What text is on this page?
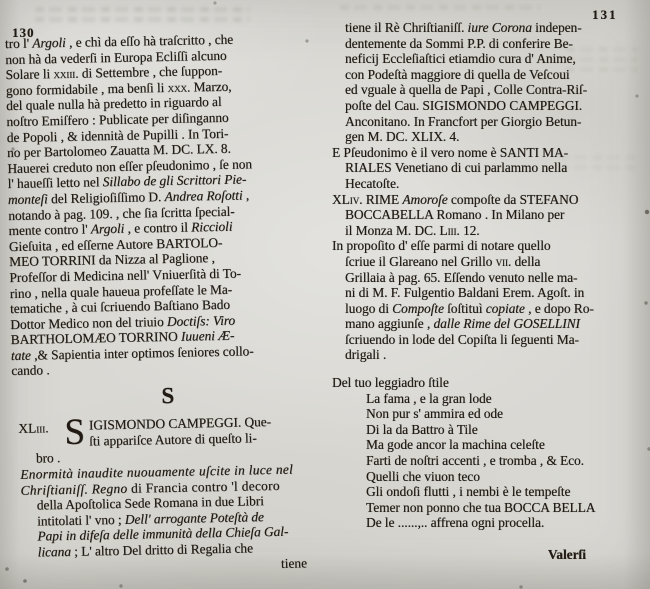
130
131
tro l' Argoli , e chì da eſſo hà traſcritto , che
non hà da vederſi in Europa Ecliſſi alcuno
Solare li xxiii. di Settembre , che ſuppon-
gono formidabile , ma benſi li xxx. Marzo,
del quale nulla hà predetto in riguardo al
noſtro Emiſfero : Publicate per diſinganno
de Popoli , & idennità de Pupilli . In Tori-
no per Bartolomeo Zauatta M. DC. LX. 8.
Hauerei creduto non eſſer pſeudonimo , ſe non
l' haueſſi letto nel Sillabo de gli Scrittori Pie-
monteſi del Religioſiſſimo D. Andrea Roſotti ,
notando à pag. 109. , che ſia ſcritta ſpecial-
mente contro l' Argoli , e contro il Riccioli
Gieſuita , ed eſſerne Autore BARTOLO-
MEO TORRINI da Nizza al Paglione ,
Profeſſor di Medicina nell' Vniuerſità di To-
rino , nella quale haueua profeſſate le Ma-
tematiche , à cui ſcriuendo Baſtiano Bado
Dottor Medico non del triuio Doctiſs: Viro
BARTHOLOMÆO TORRINO Iuueni Æ-
tate ,& Sapientia inter optimos ſeniores collo-
cando .
S
XLiii. S IGISMONDO CAMPEGGI. Que-
ſti appariſce Autore di queſto li-
bro .
Enormità inaudite nuouamente uſcite in luce nel
Chriſtianiſſ. Regno di Francia contro 'l decoro
della Apoſtolica Sede Romana in due Libri
intitolati l' vno ; Dell' arrogante Poteſtà de
Papi in difeſa delle immunità della Chieſa Gal-
licana ; L' altro Del dritto di Regalia che
tiene
tiene il Rè Chriſtianiſſ. iure Corona indepen-
dentemente da Sommi P.P. di conferire Be-
neficij Eccleſiaſtici etiamdio cura d' Anime,
con Podeſtà maggiore di quella de Veſcoui
ed vguale à quella de Papi , Colle Contra-Riſ-
poſte del Cau. SIGISMONDO CAMPEGGI.
Anconitano. In Francfort per Giorgio Betun-
gen M. DC. XLIX. 4.
E Pſeudonimo è il vero nome è SANTI MA-
RIALES Venetiano di cui parlammo nella
Hecatoſte.
XLiv. RIME Amoroſe compoſte da STEFANO
BOCCABELLA Romano . In Milano per
il Monza M. DC. Liii. 12.
In propoſito d' eſſe parmi di notare quello
ſcriue il Glareano nel Grillo vii. della
Grillaia à pag. 65. Eſſendo venuto nelle ma-
ni di M. F. Fulgentio Baldani Erem. Agoſt. in
luogo di Compoſte ſoſtituì copiate , e dopo Ro-
mano aggiunſe , dalle Rime del GOSELLINI
ſcriuendo in lode del Copiſta li ſeguenti Ma-
drigali .
Del tuo leggiadro ſtile
La fama , e la gran lode
Non pur s' ammira ed ode
Di la da Battro à Tile
Ma gode ancor la machina celeſte
Farti de noſtri accenti , e tromba , & Eco.
Quelli che viuon teco
Gli ondoſi flutti , i nembi è le tempeſte
Temer non ponno che tua BOCCA BELLA
De le ......,.. affrena ogni procella.
Valerſi
